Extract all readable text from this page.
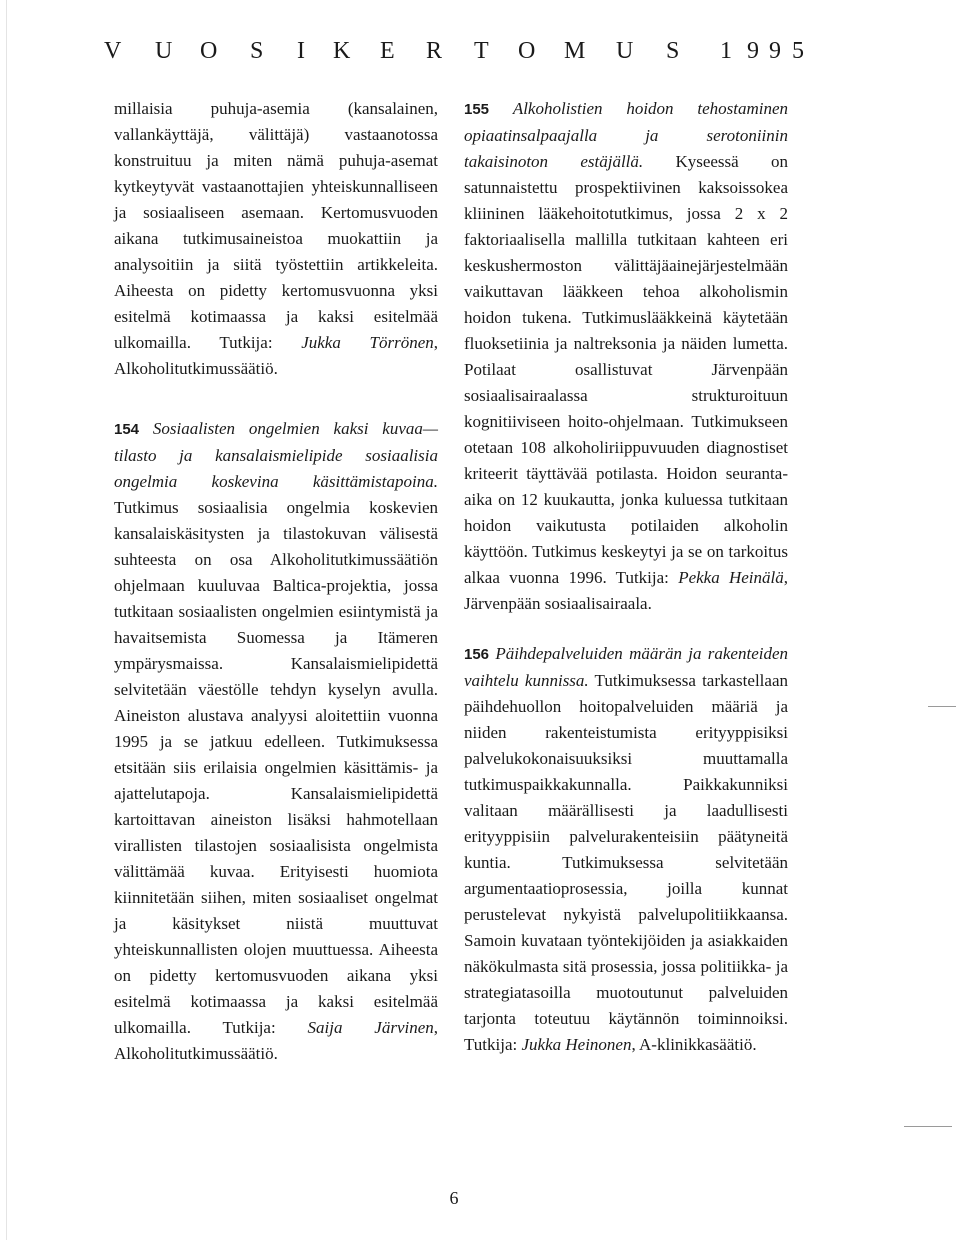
V U O S I K E R T O M U S 1 9 9 5

millaisia puhuja-asemia (kansalainen, vallankäyttäjä, välittäjä) vastaanotossa konstruituu ja miten nämä puhuja-asemat kytkeytyvät vastaanottajien yhteiskunnalliseen ja sosiaaliseen asemaan. Kertomusvuoden aikana tutkimusaineistoa muokattiin ja analysoitiin ja siitä työstettiin artikkeleita. Aiheesta on pidetty kertomusvuonna yksi esitelmä kotimaassa ja kaksi esitelmää ulkomailla. Tutkija: Jukka Törrönen, Alkoholitutkimussäätiö.

154 Sosiaalisten ongelmien kaksi kuvaa—tilasto ja kansalaismielipide sosiaalisia ongelmia koskevina käsittämistapoina. Tutkimus sosiaalisia ongelmia koskevien kansalaiskäsitysten ja tilastokuvan välisestä suhteesta on osa Alkoholitutkimussäätiön ohjelmaan kuuluvaa Baltica-projektia, jossa tutkitaan sosiaalisten ongelmien esiintymistä ja havaitsemista Suomessa ja Itämeren ympärysmaissa. Kansalaismielipidettä selvitetään väestölle tehdyn kyselyn avulla. Aineiston alustava analyysi aloitettiin vuonna 1995 ja se jatkuu edelleen. Tutkimuksessa etsitään siis erilaisia ongelmien käsittämis- ja ajattelutapoja. Kansalaismielipidettä kartoittavan aineiston lisäksi hahmotellaan virallisten tilastojen sosiaalisista ongelmista välittämää kuvaa. Erityisesti huomiota kiinnitetään siihen, miten sosiaaliset ongelmat ja käsitykset niistä muuttuvat yhteiskunnallisten olojen muuttuessa. Aiheesta on pidetty kertomusvuoden aikana yksi esitelmä kotimaassa ja kaksi esitelmää ulkomailla. Tutkija: Saija Järvinen, Alkoholitutkimussäätiö.

155 Alkoholistien hoidon tehostaminen opiaatinsalpaajalla ja serotoniinin takaisinoton estäjällä. Kyseessä on satunnaistettu prospektiivinen kaksoissokea kliininen lääkehoitotutkimus, jossa 2 x 2 faktoriaalisella mallilla tutkitaan kahteen eri keskushermoston välittäjäainejärjestelmään vaikuttavan lääkkeen tehoa alkoholismin hoidon tukena. Tutkimuslääkkeinä käytetään fluoksetiinia ja naltreksonia ja näiden lumetta. Potilaat osallistuvat Järvenpään sosiaalisairaalassa strukturoituun kognitiiviseen hoito-ohjelmaan. Tutkimukseen otetaan 108 alkoholiriippuvuuden diagnostiset kriteerit täyttävää potilasta. Hoidon seuranta-aika on 12 kuukautta, jonka kuluessa tutkitaan hoidon vaikutusta potilaiden alkoholin käyttöön. Tutkimus keskeytyi ja se on tarkoitus alkaa vuonna 1996. Tutkija: Pekka Heinälä, Järvenpään sosiaalisairaala.

156 Päihdepalveluiden määrän ja rakenteiden vaihtelu kunnissa. Tutkimuksessa tarkastellaan päihdehuollon hoitopalveluiden määriä ja niiden rakenteistumista erityyppisiksi palvelukokonaisuuksiksi muuttamalla tutkimuspaikkakunnalla. Paikkakunniksi valitaan määrällisesti ja laadullisesti erityyppisiin palvelurakenteisiin päätyneitä kuntia. Tutkimuksessa selvitetään argumentaatioprosessia, joilla kunnat perustelevat nykyistä palvelupolitiikkaansa. Samoin kuvataan työntekijöiden ja asiakkaiden näkökulmasta sitä prosessia, jossa politiikka- ja strategiatasoilla muotoutunut palveluiden tarjonta toteutuu käytännön toiminnoiksi. Tutkija: Jukka Heinonen, A-klinikkasäätiö.

6
